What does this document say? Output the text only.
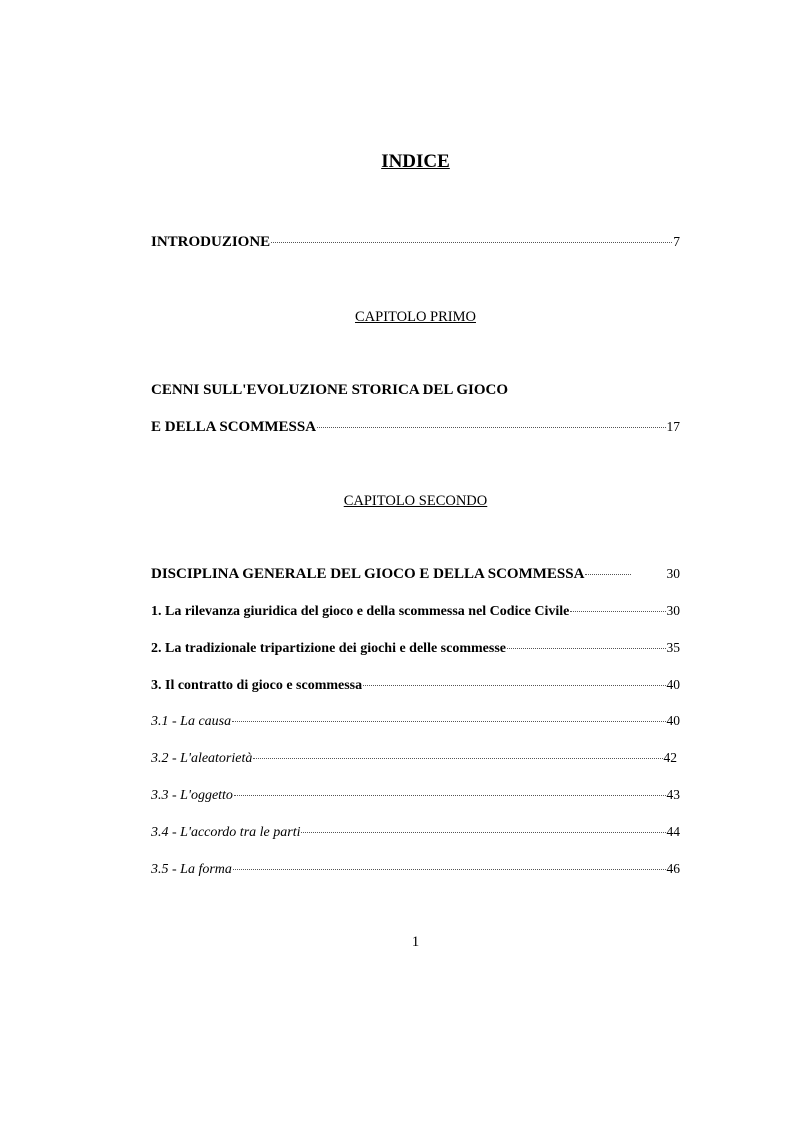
INDICE
INTRODUZIONE	7
CAPITOLO PRIMO
CENNI SULL'EVOLUZIONE STORICA DEL GIOCO
E DELLA SCOMMESSA	17
CAPITOLO SECONDO
DISCIPLINA GENERALE DEL GIOCO E DELLA SCOMMESSA	30
1. La rilevanza giuridica del gioco e della scommessa nel Codice Civile	30
2. La tradizionale tripartizione dei giochi e delle scommesse	35
3. Il contratto di gioco e scommessa	40
3.1 - La causa	40
3.2 - L'aleatorietà	42
3.3 - L'oggetto	43
3.4 - L'accordo tra le parti	44
3.5 - La forma	46
1
